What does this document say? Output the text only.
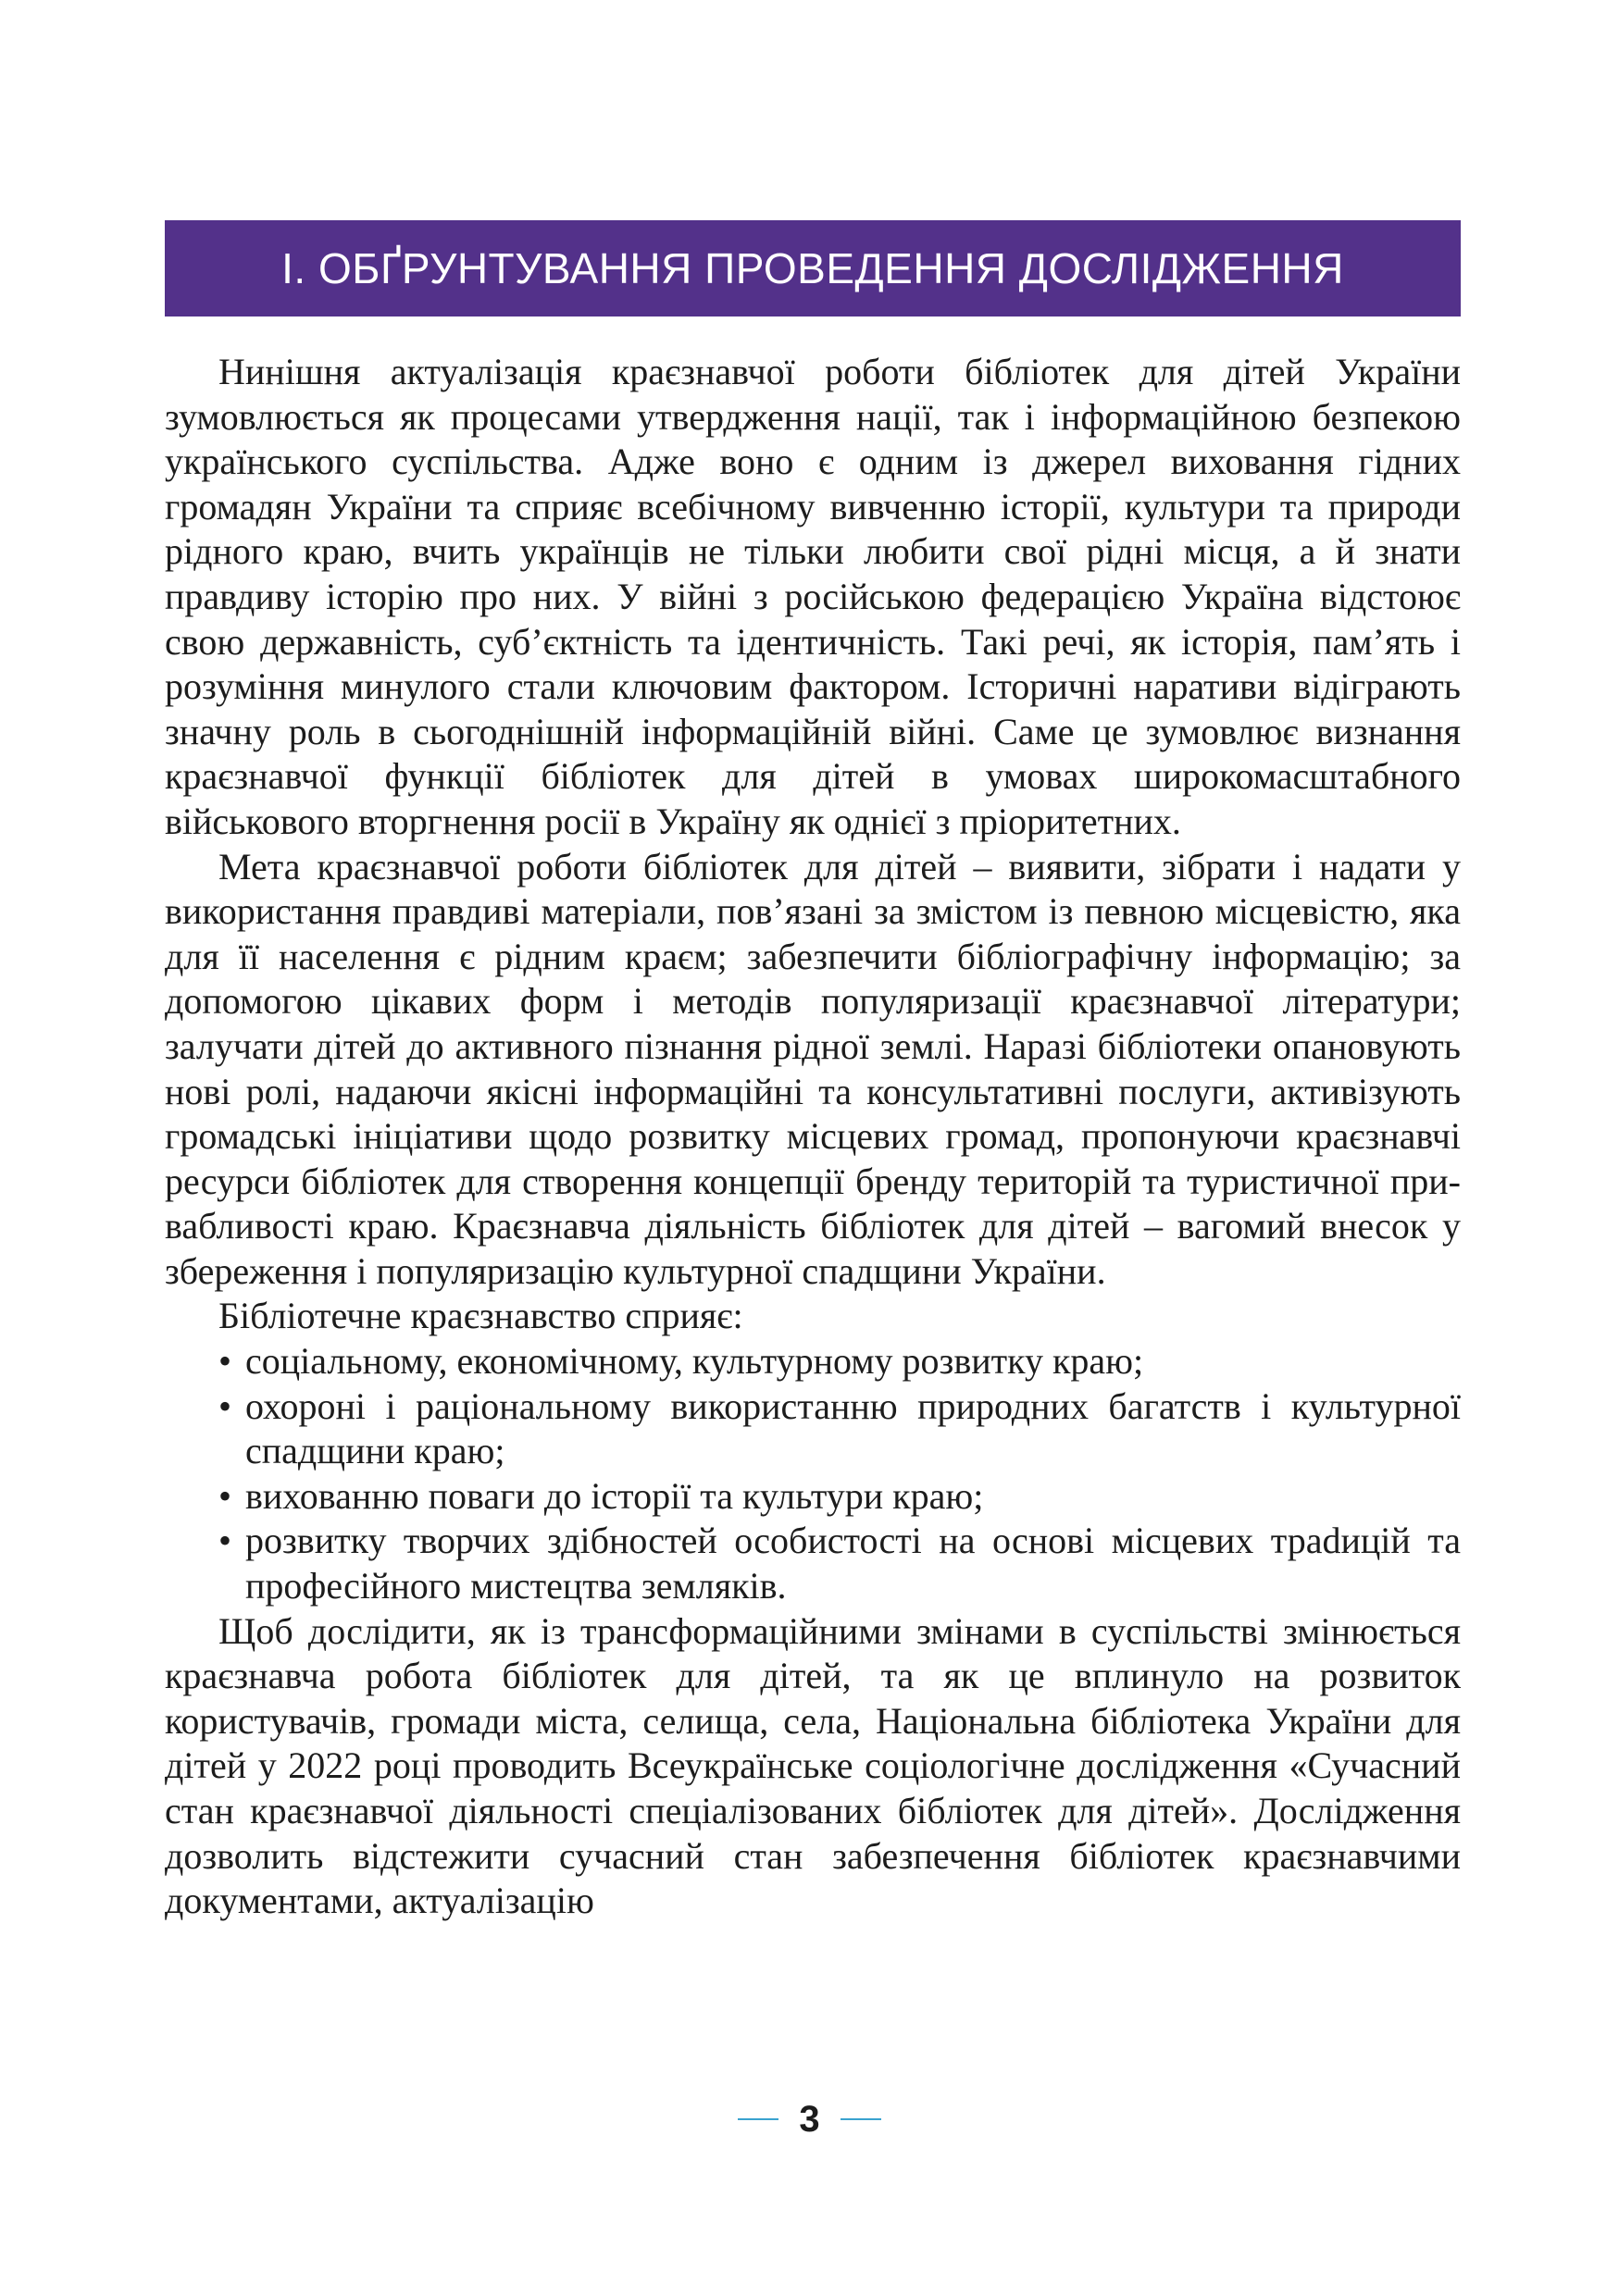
І. ОБҐРУНТУВАННЯ ПРОВЕДЕННЯ ДОСЛІДЖЕННЯ

Нинішня актуалізація краєзнавчої роботи бібліотек для дітей України зумовлюється як процесами утвердження нації, так і інформаційною безпекою українського суспільства. Адже воно є одним із джерел виховання гідних громадян України та сприяє всебічному вивченню історії, культури та природи рідного краю, вчить українців не тільки любити свої рідні місця, а й знати правдиву історію про них. У війні з російською федерацією Україна відстоює свою державність, суб’єктність та ідентичність. Такі речі, як історія, пам’ять і розуміння минулого стали ключовим фактором. Історичні наративи відіграють значну роль в сьогоднішній інформаційній війні. Саме це зумовлює визнання краєзнавчої функції бібліотек для дітей в умовах широкомасштабного військового вторгнення росії в Україну як однієї з пріоритетних.

Мета краєзнавчої роботи бібліотек для дітей – виявити, зібрати і надати у використання правдиві матеріали, пов’язані за змістом із певною місцевістю, яка для її населення є рідним краєм; забезпечити бібліографічну інформацію; за допомогою цікавих форм і методів популяризації краєзнавчої літератури; залучати дітей до активного пізнання рідної землі. Наразі бібліотеки опановують нові ролі, надаючи якісні інформаційні та консультативні послуги, активізують громадські ініціативи щодо розвитку місцевих громад, пропонуючи краєзнавчі ресурси бібліотек для створення концепції бренду територій та туристичної привабливості краю. Краєзнавча діяльність бібліотек для дітей – вагомий внесок у збереження і популяризацію культурної спадщини України.

Бібліотечне краєзнавство сприяє:

• соціальному, економічному, культурному розвитку краю;
• охороні і раціональному використанню природних багатств і культурної спадщини краю;
• вихованню поваги до історії та культури краю;
• розвитку творчих здібностей особистості на основі місцевих траdицій та професійного мистецтва земляків.

Щоб дослідити, як із трансформаційними змінами в суспільстві змінюється краєзнавча робота бібліотек для дітей, та як це вплинуло на розвиток користувачів, громади міста, селища, села, Національна бібліотека України для дітей у 2022 році проводить Всеукраїнське соціологічне дослідження «Сучасний стан краєзнавчої діяльності спеціалізованих бібліотек для дітей». Дослідження дозволить відстежити сучасний стан забезпечення бібліотек краєзнавчими документами, актуалізацію

3
